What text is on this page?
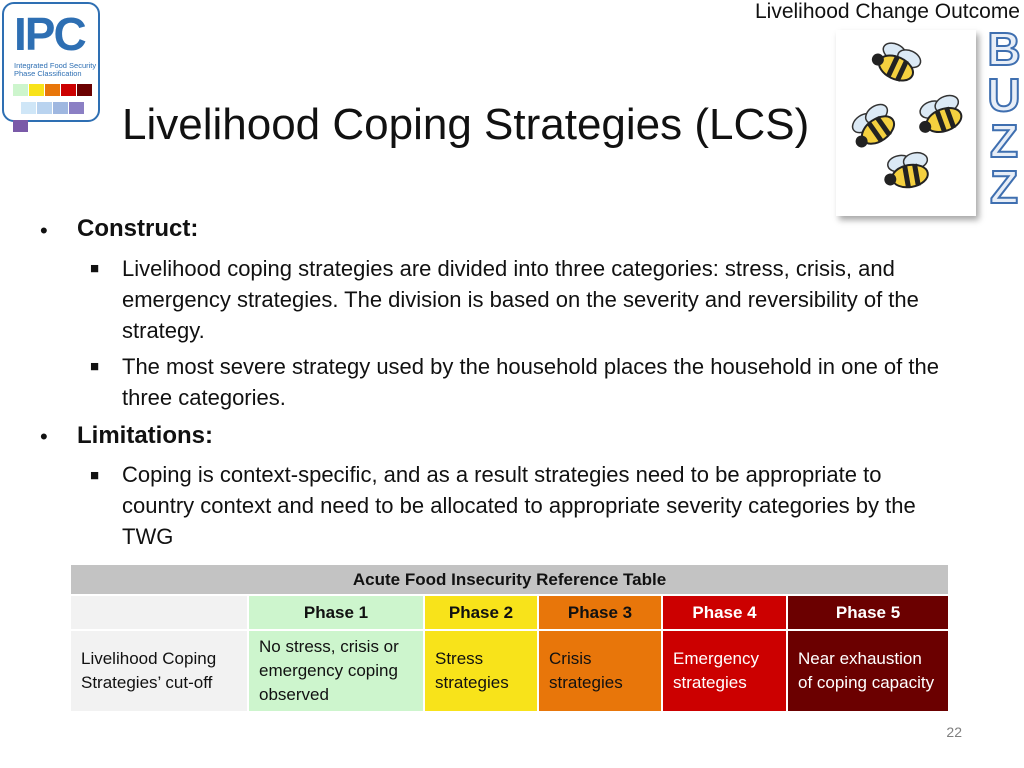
IPC
Integrated Food Security Phase Classification

Livelihood Change Outcome
Livelihood Coping Strategies (LCS)
B
U
Z
Z
• Construct:
■ Livelihood coping strategies are divided into three categories: stress, crisis, and emergency strategies. The division is based on the severity and reversibility of the strategy.
■ The most severe strategy used by the household places the household in one of the three categories.
• Limitations:
■ Coping is context-specific, and as a result strategies need to be appropriate to country context and need to be allocated to appropriate severity categories by the TWG
Acute Food Insecurity Reference Table					
	Phase 1	Phase 2	Phase 3	Phase 4	Phase 5
Livelihood Coping Strategies’ cut-off	No stress, crisis or emergency coping observed	Stress strategies	Crisis strategies	Emergency strategies	Near exhaustion of coping capacity
22
